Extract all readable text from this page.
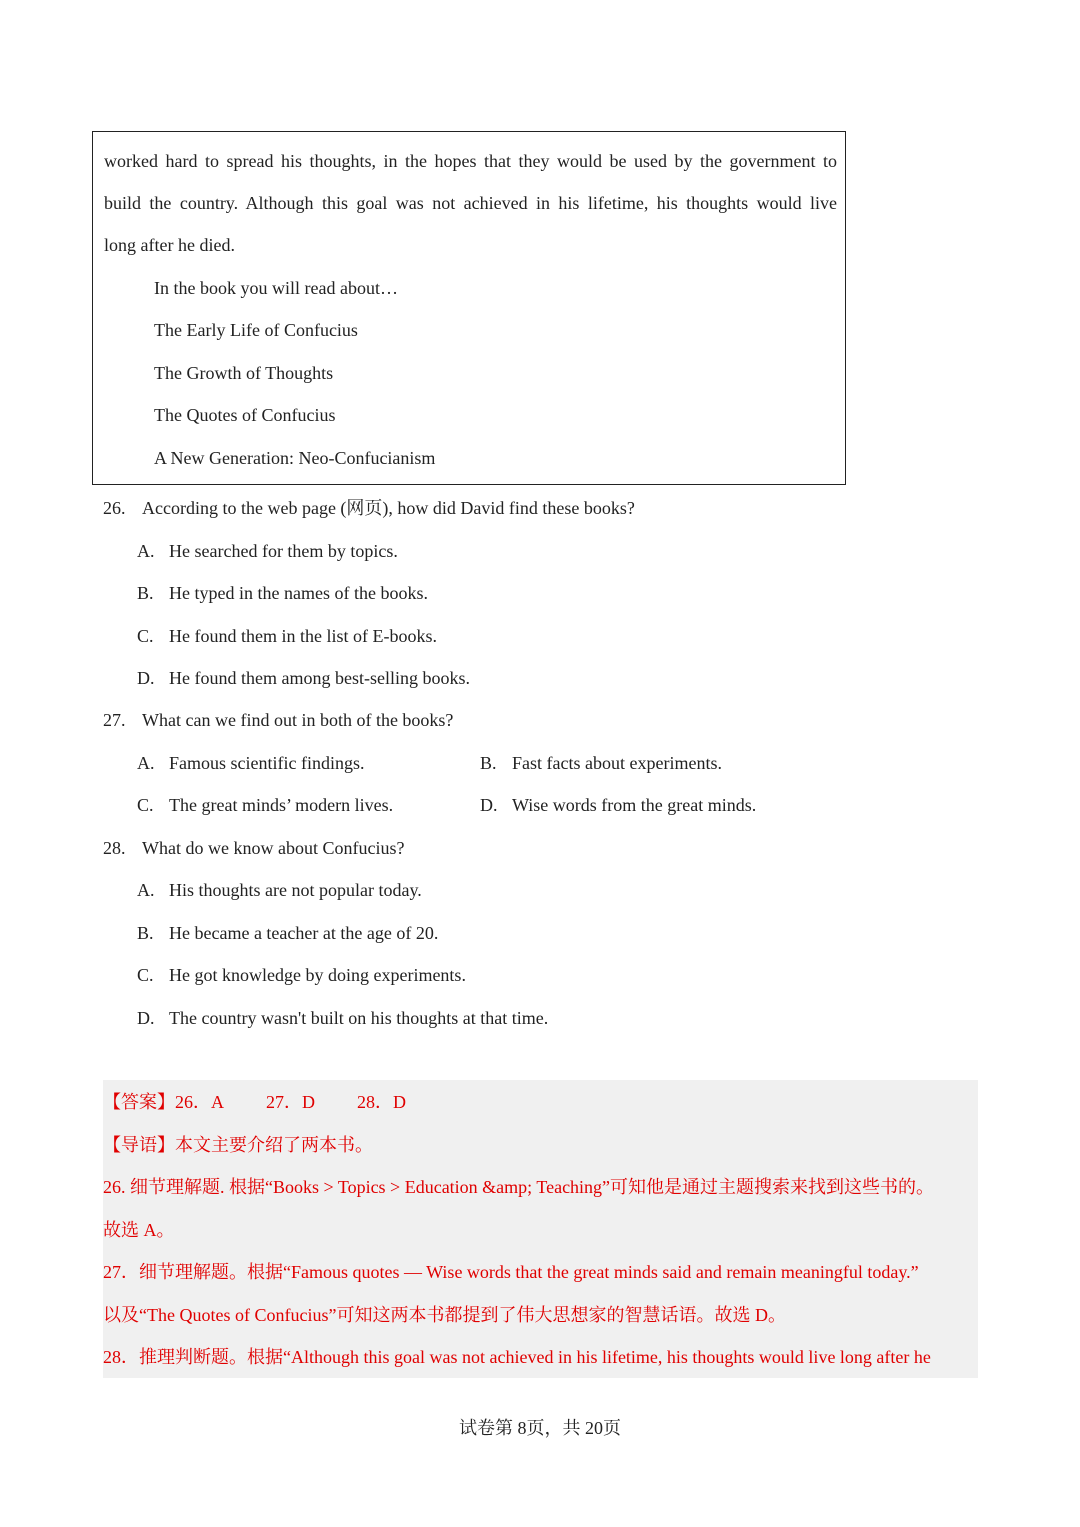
worked hard to spread his thoughts, in the hopes that they would be used by the government to
build the country. Although this goal was not achieved in his lifetime, his thoughts would live
long after he died.
In the book you will read about…
The Early Life of Confucius
The Growth of Thoughts
The Quotes of Confucius
A New Generation: Neo-Confucianism
26. According to the web page (网页), how did David find these books?
A. He searched for them by topics.
B. He typed in the names of the books.
C. He found them in the list of E-books.
D. He found them among best-selling books.
27. What can we find out in both of the books?
A. Famous scientific findings.	B. Fast facts about experiments.
C. The great minds’ modern lives.	D. Wise words from the great minds.
28. What do we know about Confucius?
A. His thoughts are not popular today.
B. He became a teacher at the age of 20.
C. He got knowledge by doing experiments.
D. The country wasn't built on his thoughts at that time.
【答案】26．A 27．D 28．D
【导语】本文主要介绍了两本书。
26. 细节理解题. 根据“Books > Topics > Education &amp; Teaching”可知他是通过主题搜索来找到这些书的。
故选 A。
27．细节理解题。根据“Famous quotes — Wise words that the great minds said and remain meaningful today.”
以及“The Quotes of Confucius”可知这两本书都提到了伟大思想家的智慧话语。故选 D。
28．推理判断题。根据“Although this goal was not achieved in his lifetime, his thoughts would live long after he
试卷第 8页，共 20页
